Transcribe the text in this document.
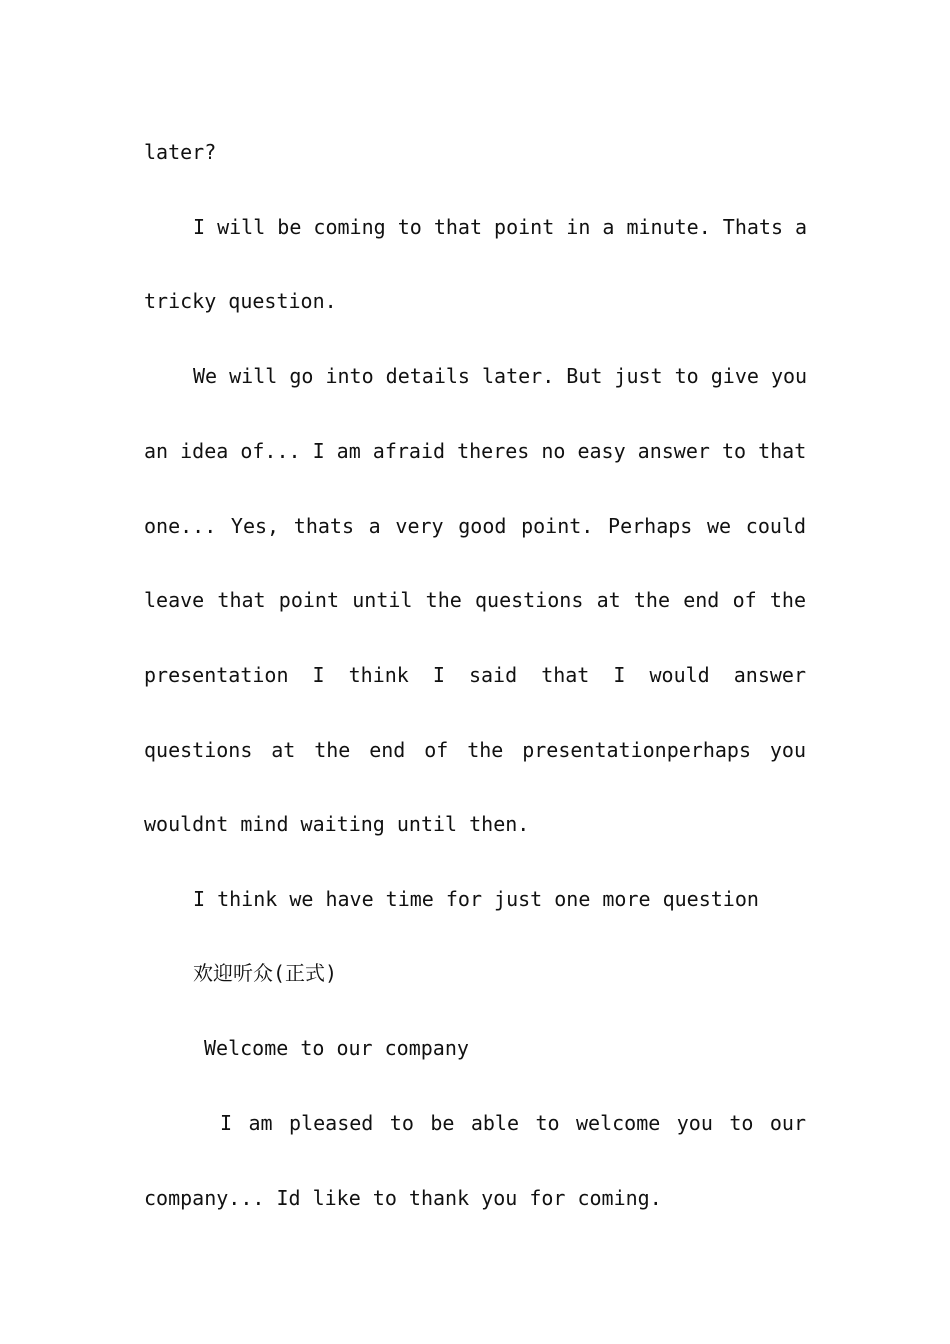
later?
I will be coming to that point in a minute. Thats a
tricky question.
We will go into details later. But just to give you
an idea of... I am afraid theres no easy answer to that
one... Yes, thats a very good point. Perhaps we could
leave that point until the questions at the end of the
presentation I think I said that I would answer
questions at the end of the presentationperhaps you
wouldnt mind waiting until then.
I think we have time for just one more question
欢迎听众(正式)
Welcome to our company
I am pleased to be able to welcome you to our
company... Id like to thank you for coming.
